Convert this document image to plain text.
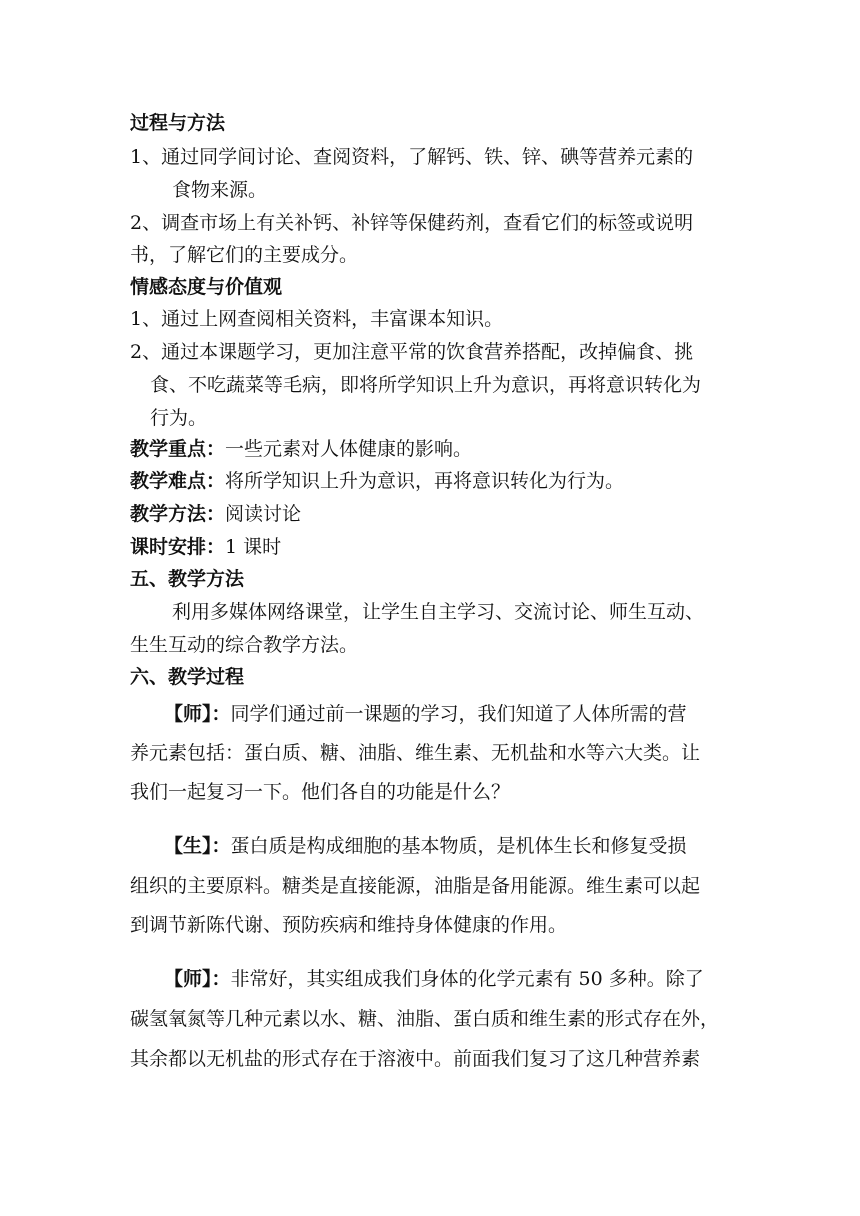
过程与方法
1、通过同学间讨论、查阅资料，了解钙、铁、锌、碘等营养元素的
食物来源。
2、调查市场上有关补钙、补锌等保健药剂，查看它们的标签或说明
书，了解它们的主要成分。
情感态度与价值观
1、通过上网查阅相关资料，丰富课本知识。
2、通过本课题学习，更加注意平常的饮食营养搭配，改掉偏食、挑
食、不吃蔬菜等毛病，即将所学知识上升为意识，再将意识转化为
行为。
教学重点：一些元素对人体健康的影响。
教学难点：将所学知识上升为意识，再将意识转化为行为。
教学方法：阅读讨论
课时安排：1 课时
五、教学方法
利用多媒体网络课堂，让学生自主学习、交流讨论、师生互动、
生生互动的综合教学方法。
六、教学过程
【师】：同学们通过前一课题的学习，我们知道了人体所需的营
养元素包括：蛋白质、糖、油脂、维生素、无机盐和水等六大类。让
我们一起复习一下。他们各自的功能是什么？
【生】：蛋白质是构成细胞的基本物质，是机体生长和修复受损
组织的主要原料。糖类是直接能源，油脂是备用能源。维生素可以起
到调节新陈代谢、预防疾病和维持身体健康的作用。
【师】：非常好，其实组成我们身体的化学元素有 50 多种。除了
碳氢氧氮等几种元素以水、糖、油脂、蛋白质和维生素的形式存在外，
其余都以无机盐的形式存在于溶液中。前面我们复习了这几种营养素
